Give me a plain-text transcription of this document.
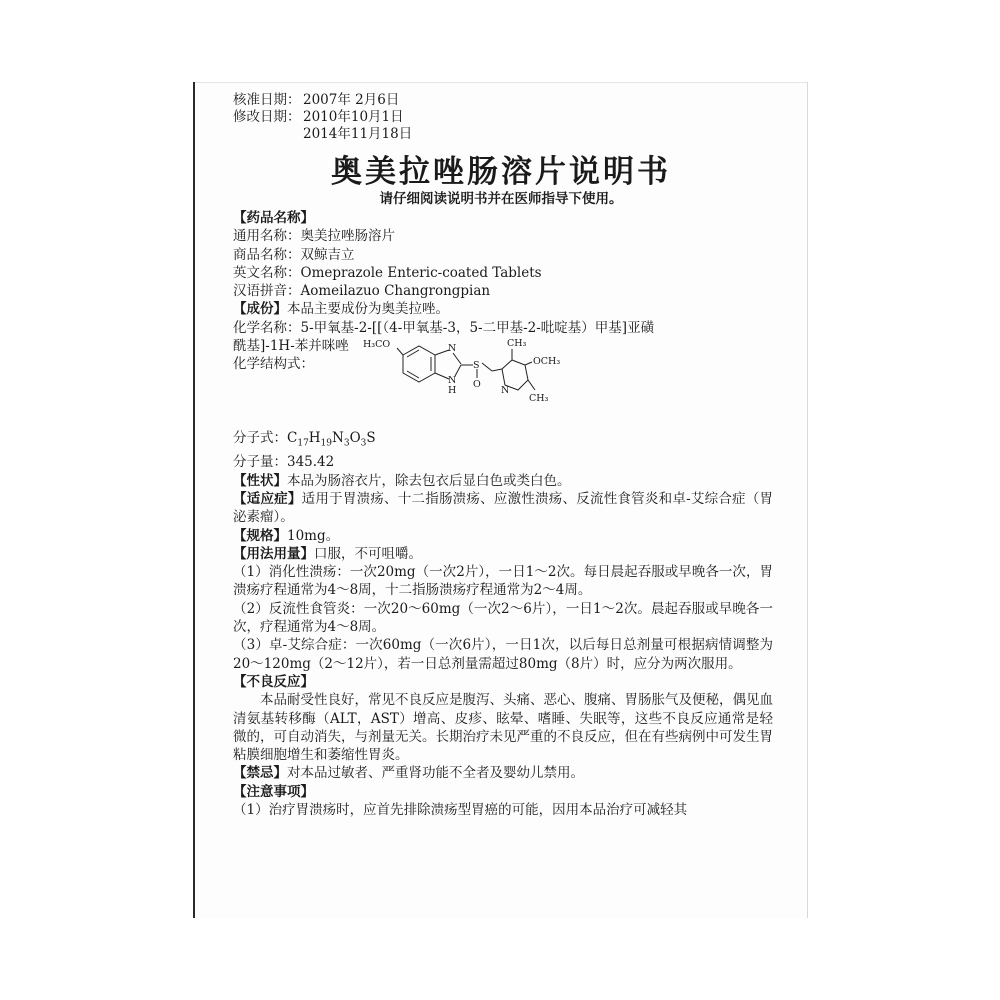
核准日期： 2007年 2月6日
修改日期： 2010年10月1日
2014年11月18日
奥美拉唑肠溶片说明书
请仔细阅读说明书并在医师指导下使用。
【药品名称】
通用名称：奥美拉唑肠溶片
商品名称：双鲸吉立
英文名称：Omeprazole Enteric-coated Tablets
汉语拼音：Aomeilazuo Changrongpian
【成份】本品主要成份为奥美拉唑。
化学名称：5-甲氧基-2-[[（4-甲氧基-3，5-二甲基-2-吡啶基）甲基]亚磺
酰基]-1H-苯并咪唑
化学结构式：
H₃CO	N
N
H
S
O
CH₃
OCH₃
N
CH₃
分子式：$C_{17}H_{19}N_3O_3S$
分子量：345.42
【性状】本品为肠溶衣片，除去包衣后显白色或类白色。
【适应症】适用于胃溃疡、十二指肠溃疡、应激性溃疡、反流性食管炎和卓-艾综合症（胃泌素瘤）。
【规格】10mg。
【用法用量】口服，不可咀嚼。
（1）消化性溃疡：一次20mg（一次2片），一日1～2次。每日晨起吞服或早晚各一次，胃溃疡疗程通常为4～8周，十二指肠溃疡疗程通常为2～4周。
（2）反流性食管炎：一次20～60mg（一次2～6片），一日1～2次。晨起吞服或早晚各一次，疗程通常为4～8周。
（3）卓-艾综合症：一次60mg（一次6片），一日1次，以后每日总剂量可根据病情调整为20～120mg（2～12片），若一日总剂量需超过80mg（8片）时，应分为两次服用。
【不良反应】
本品耐受性良好，常见不良反应是腹泻、头痛、恶心、腹痛、胃肠胀气及便秘，偶见血清氨基转移酶（ALT，AST）增高、皮疹、眩晕、嗜睡、失眠等，这些不良反应通常是轻微的，可自动消失，与剂量无关。长期治疗未见严重的不良反应，但在有些病例中可发生胃粘膜细胞增生和萎缩性胃炎。
【禁忌】对本品过敏者、严重肾功能不全者及婴幼儿禁用。
【注意事项】
（1）治疗胃溃疡时，应首先排除溃疡型胃癌的可能，因用本品治疗可减轻其
